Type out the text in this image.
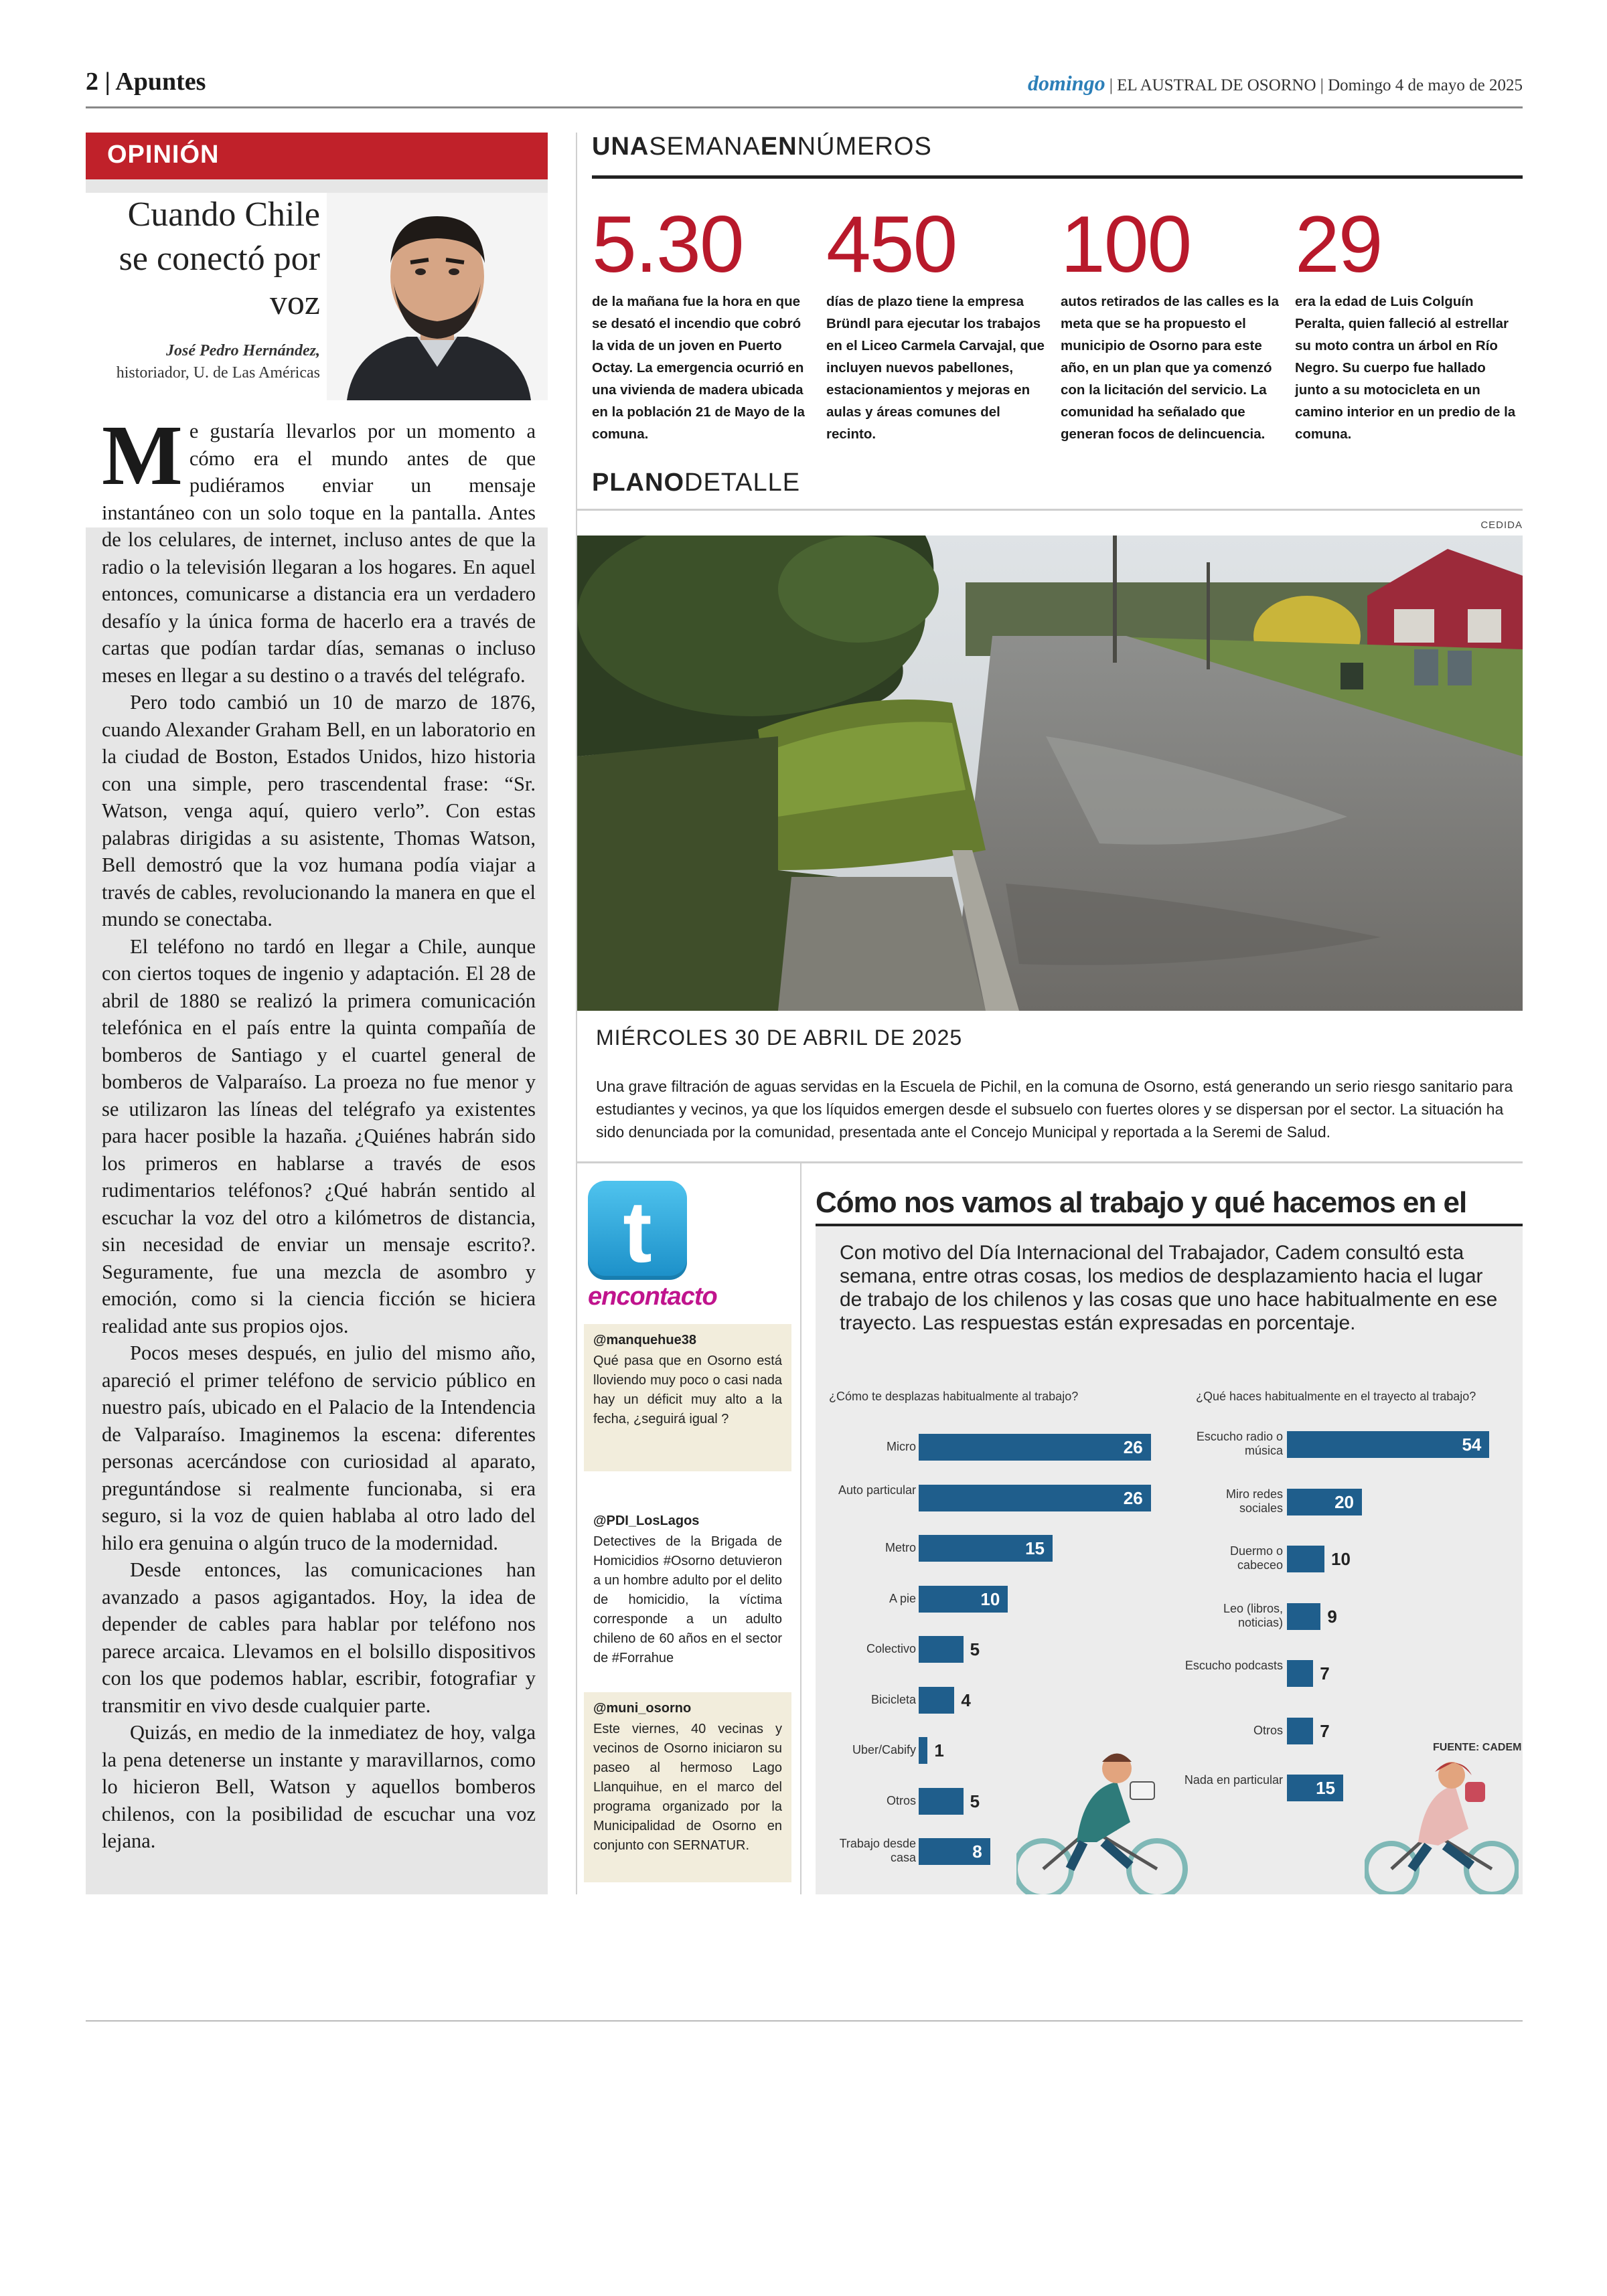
2 | Apuntes	domingo | EL AUSTRAL DE OSORNO | Domingo 4 de mayo de 2025
OPINIÓN
Cuando Chile se conectó por voz
José Pedro Hernández,
historiador, U. de Las Américas

Me gustaría llevarlos por un momento a cómo era el mundo antes de que pudiéramos enviar un mensaje instantáneo con un solo toque en la pantalla. Antes de los celulares, de internet, incluso antes de que la radio o la televisión llegaran a los hogares. En aquel entonces, comunicarse a distancia era un verdadero desafío y la única forma de hacerlo era a través de cartas que podían tardar días, semanas o incluso meses en llegar a su destino o a través del telégrafo.

Pero todo cambió un 10 de marzo de 1876, cuando Alexander Graham Bell, en un laboratorio en la ciudad de Boston, Estados Unidos, hizo historia con una simple, pero trascendental frase: “Sr. Watson, venga aquí, quiero verlo”. Con estas palabras dirigidas a su asistente, Thomas Watson, Bell demostró que la voz humana podía viajar a través de cables, revolucionando la manera en que el mundo se conectaba.

El teléfono no tardó en llegar a Chile, aunque con ciertos toques de ingenio y adaptación. El 28 de abril de 1880 se realizó la primera comunicación telefónica en el país entre la quinta compañía de bomberos de Santiago y el cuartel general de bomberos de Valparaíso. La proeza no fue menor y se utilizaron las líneas del telégrafo ya existentes para hacer posible la hazaña. ¿Quiénes habrán sido los primeros en hablarse a través de esos rudimentarios teléfonos? ¿Qué habrán sentido al escuchar la voz del otro a kilómetros de distancia, sin necesidad de enviar un mensaje escrito?. Seguramente, fue una mezcla de asombro y emoción, como si la ciencia ficción se hiciera realidad ante sus propios ojos.

Pocos meses después, en julio del mismo año, apareció el primer teléfono de servicio público en nuestro país, ubicado en el Palacio de la Intendencia de Valparaíso. Imaginemos la escena: diferentes personas acercándose con curiosidad al aparato, preguntándose si realmente funcionaba, si era seguro, si la voz de quien hablaba al otro lado del hilo era genuina o algún truco de la modernidad.

Desde entonces, las comunicaciones han avanzado a pasos agigantados. Hoy, la idea de depender de cables para hablar por teléfono nos parece arcaica. Llevamos en el bolsillo dispositivos con los que podemos hablar, escribir, fotografiar y transmitir en vivo desde cualquier parte.

Quizás, en medio de la inmediatez de hoy, valga la pena detenerse un instante y maravillarnos, como lo hicieron Bell, Watson y aquellos bomberos chilenos, con la posibilidad de escuchar una voz lejana.

UNASEMANAENNÚMEROS
5.30
de la mañana fue la hora en que se desató el incendio que cobró la vida de un joven en Puerto Octay. La emergencia ocurrió en una vivienda de madera ubicada en la población 21 de Mayo de la comuna.
450
días de plazo tiene la empresa Bründl para ejecutar los trabajos en el Liceo Carmela Carvajal, que incluyen nuevos pabellones, estacionamientos y mejoras en aulas y áreas comunes del recinto.
100
autos retirados de las calles es la meta que se ha propuesto el municipio de Osorno para este año, en un plan que ya comenzó con la licitación del servicio. La comunidad ha señalado que generan focos de delincuencia.
29
era la edad de Luis Colguín Peralta, quien falleció al estrellar su moto contra un árbol en Río Negro. Su cuerpo fue hallado junto a su motocicleta en un camino interior en un predio de la comuna.
PLANODETALLE
CEDIDA
MIÉRCOLES 30 DE ABRIL DE 2025
Una grave filtración de aguas servidas en la Escuela de Pichil, en la comuna de Osorno, está generando un serio riesgo sanitario para estudiantes y vecinos, ya que los líquidos emergen desde el subsuelo con fuertes olores y se dispersan por el sector. La situación ha sido denunciada por la comunidad, presentada ante el Concejo Municipal y reportada a la Seremi de Salud.
t
encontacto
@manquehue38
Qué pasa que en Osorno está lloviendo muy poco o casi nada hay un déficit muy alto a la fecha, ¿seguirá igual ?
@PDI_LosLagos
Detectives de la Brigada de Homicidios #Osorno detuvieron a un hombre adulto por el delito de homicidio, la víctima corresponde a un adulto chileno de 60 años en el sector de #Forrahue
@muni_osorno
Este viernes, 40 vecinas y vecinos de Osorno iniciaron su paseo al hermoso Lago Llanquihue, en el marco del programa organizado por la Municipalidad de Osorno en conjunto con SERNATUR.
Cómo nos vamos al trabajo y qué hacemos en el
Con motivo del Día Internacional del Trabajador, Cadem consultó esta semana, entre otras cosas, los medios de desplazamiento hacia el lugar de trabajo de los chilenos y las cosas que uno hace habitualmente en ese trayecto. Las respuestas están expresadas en porcentaje.
¿Cómo te desplazas habitualmente al trabajo?	¿Qué haces habitualmente en el trayecto al trabajo?
FUENTE: CADEM
Micro	26
Auto particular	26
Metro	15
A pie	10
Colectivo	5
Bicicleta	4
Uber/Cabify 1
Otros	5
Trabajo desde casa	8
Escucho radio o música	54
Miro redes sociales	20
Duermo o cabeceo	10
Leo (libros, noticias)	9
Escucho podcasts 7
Otros 7
Nada en particular	15
